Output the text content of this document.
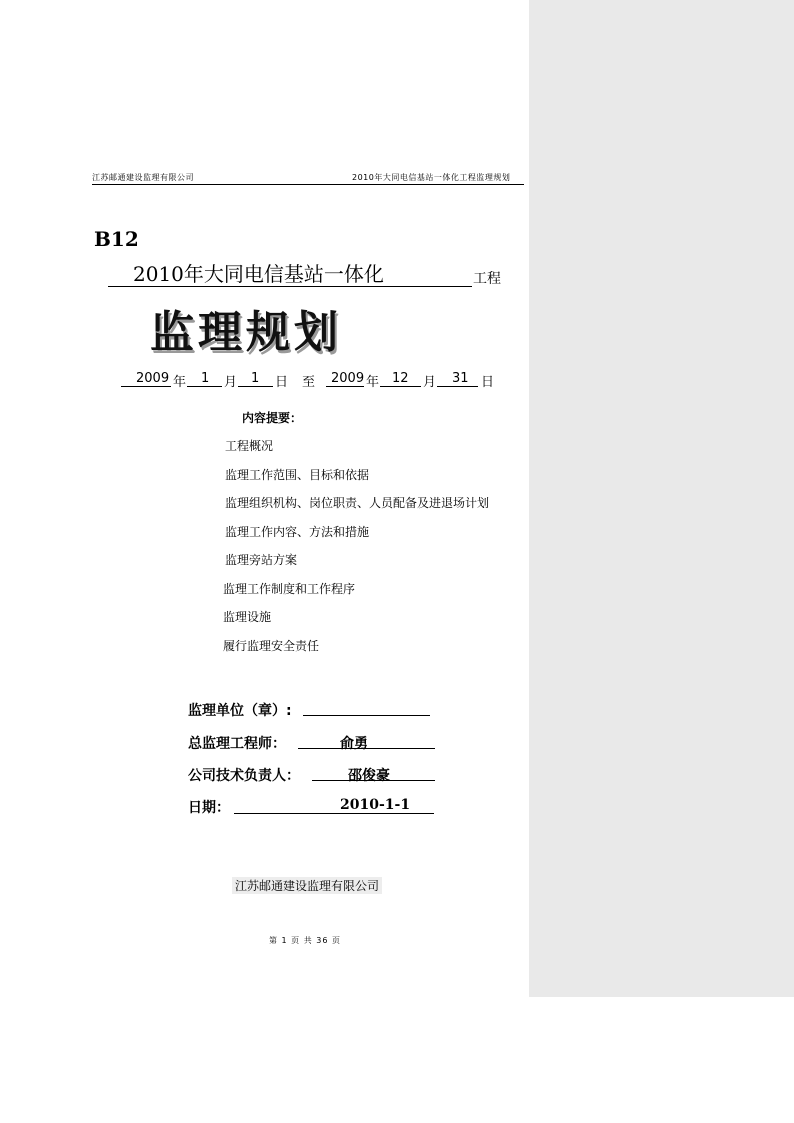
江苏邮通建设监理有限公司	2010年大同电信基站一体化工程监理规划
B12
2010年大同电信基站一体化	工程
监理规划
2009 年 1 月 1 日 至 2009 年 12 月 31 日
内容提要：
工程概况
监理工作范围、目标和依据
监理组织机构、岗位职责、人员配备及进退场计划
监理工作内容、方法和措施
监理旁站方案
监理工作制度和工作程序
监理设施
履行监理安全责任
监理单位（章）:
总监理工程师：	俞勇
公司技术负责人：	邵俊豪
日期：	2010-1-1
江苏邮通建设监理有限公司
第 1 页 共 36 页
